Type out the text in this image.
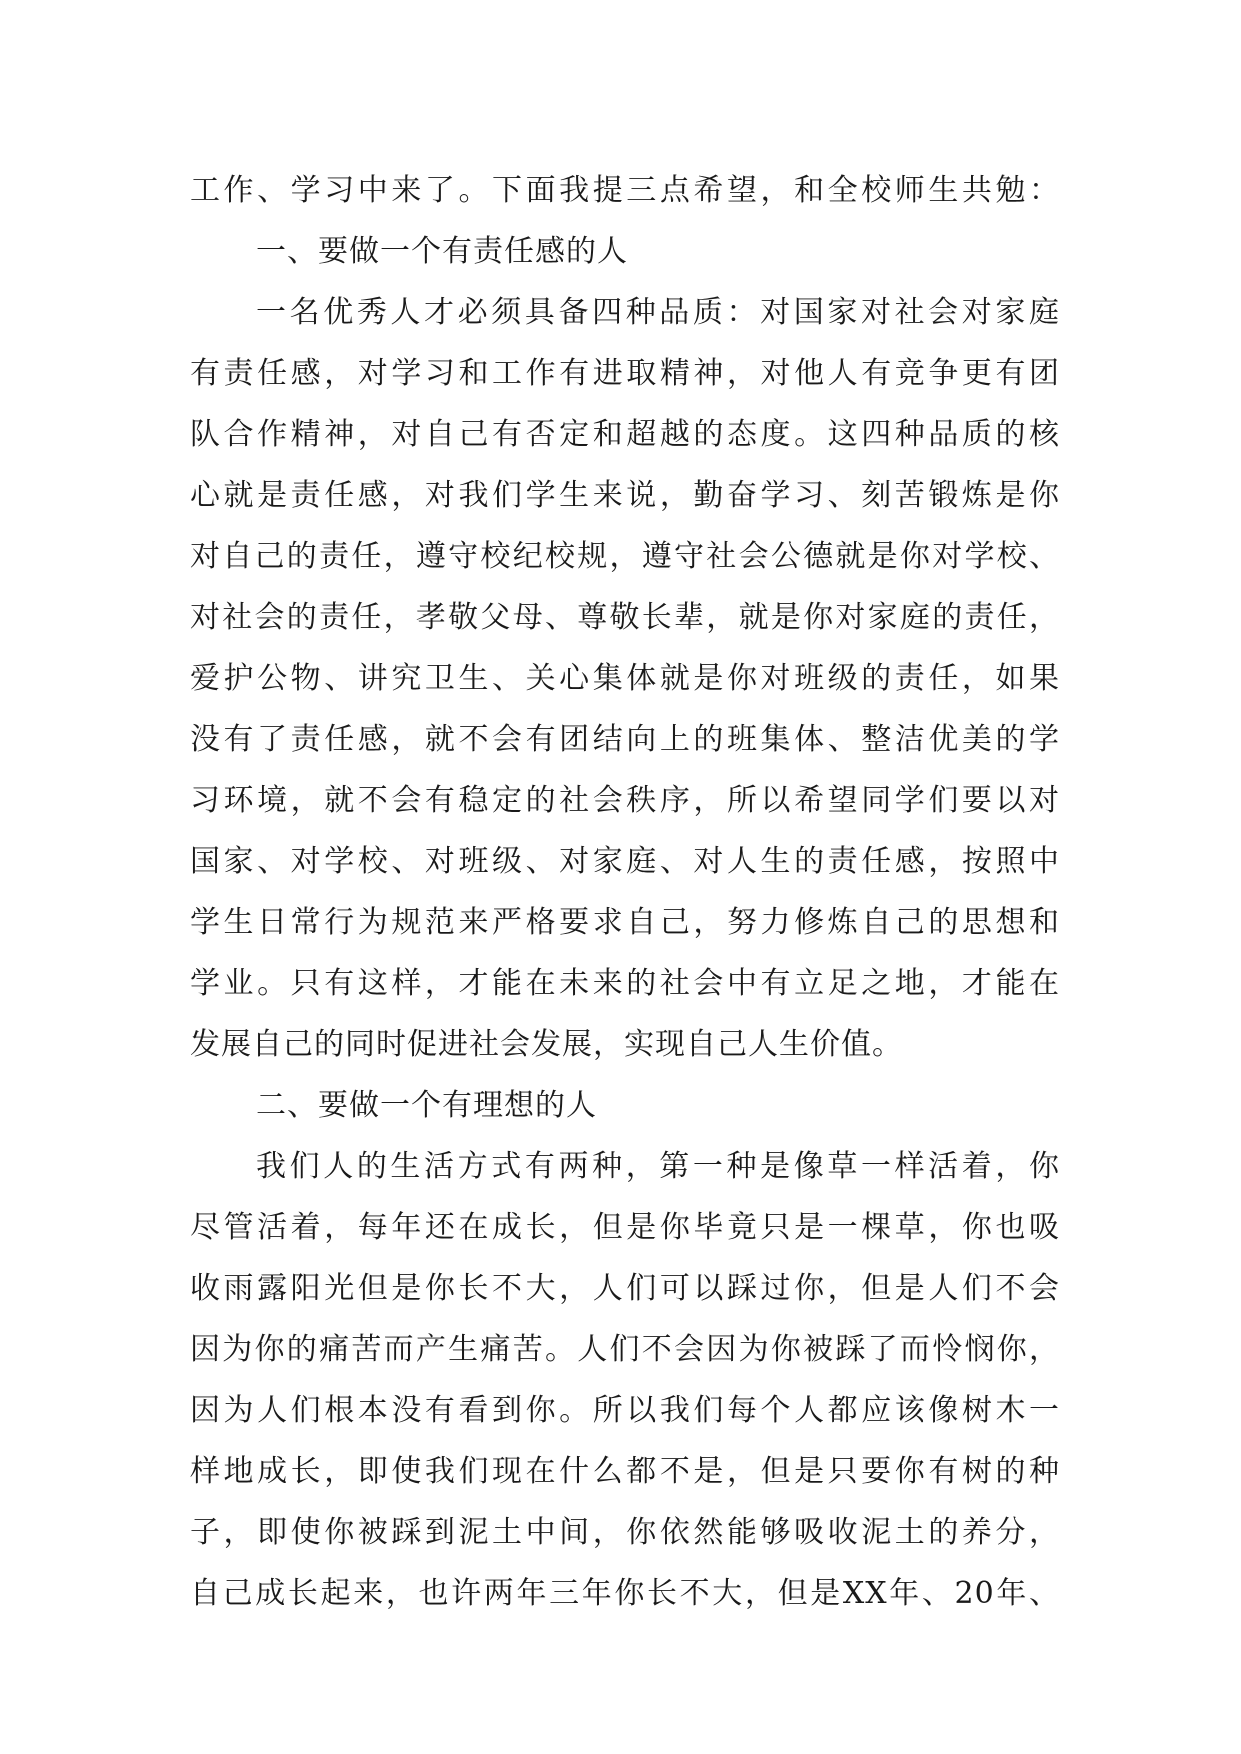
工作、学习中来了。下面我提三点希望，和全校师生共勉：
一、要做一个有责任感的人
一名优秀人才必须具备四种品质：对国家对社会对家庭
有责任感，对学习和工作有进取精神，对他人有竞争更有团
队合作精神，对自己有否定和超越的态度。这四种品质的核
心就是责任感，对我们学生来说，勤奋学习、刻苦锻炼是你
对自己的责任，遵守校纪校规，遵守社会公德就是你对学校、
对社会的责任，孝敬父母、尊敬长辈，就是你对家庭的责任，
爱护公物、讲究卫生、关心集体就是你对班级的责任，如果
没有了责任感，就不会有团结向上的班集体、整洁优美的学
习环境，就不会有稳定的社会秩序，所以希望同学们要以对
国家、对学校、对班级、对家庭、对人生的责任感，按照中
学生日常行为规范来严格要求自己，努力修炼自己的思想和
学业。只有这样，才能在未来的社会中有立足之地，才能在
发展自己的同时促进社会发展，实现自己人生价值。
二、要做一个有理想的人
我们人的生活方式有两种，第一种是像草一样活着，你
尽管活着，每年还在成长，但是你毕竟只是一棵草，你也吸
收雨露阳光但是你长不大，人们可以踩过你，但是人们不会
因为你的痛苦而产生痛苦。人们不会因为你被踩了而怜悯你，
因为人们根本没有看到你。所以我们每个人都应该像树木一
样地成长，即使我们现在什么都不是，但是只要你有树的种
子，即使你被踩到泥土中间，你依然能够吸收泥土的养分，
自己成长起来，也许两年三年你长不大，但是XX年、20年、
